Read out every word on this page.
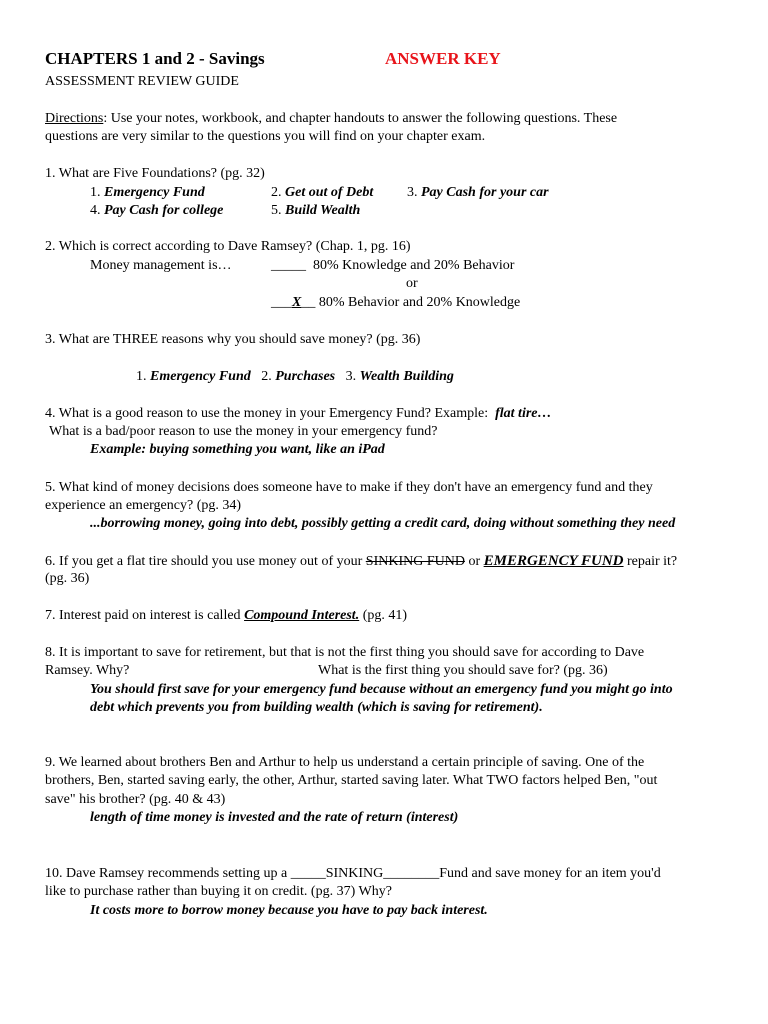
CHAPTERS 1 and 2 - Savings	ANSWER KEY
ASSESSMENT REVIEW GUIDE
Directions: Use your notes, workbook, and chapter handouts to answer the following questions. These
questions are very similar to the questions you will find on your chapter exam.
1. What are Five Foundations? (pg. 32)
1. Emergency Fund	2. Get out of Debt 3. Pay Cash for your car
4. Pay Cash for college	5. Build Wealth
2. Which is correct according to Dave Ramsey? (Chap. 1, pg. 16)
Money management is…	_____ 80% Knowledge and 20% Behavior
or
___X__ 80% Behavior and 20% Knowledge
3. What are THREE reasons why you should save money? (pg. 36)
1. Emergency Fund 2. Purchases 3. Wealth Building
4. What is a good reason to use the money in your Emergency Fund? Example: flat tire…
What is a bad/poor reason to use the money in your emergency fund?
Example: buying something you want, like an iPad
5. What kind of money decisions does someone have to make if they don't have an emergency fund and they
experience an emergency? (pg. 34)
...borrowing money, going into debt, possibly getting a credit card, doing without something they need
6. If you get a flat tire should you use money out of your SINKING FUND or EMERGENCY FUND repair it?
(pg. 36)
7. Interest paid on interest is called Compound Interest. (pg. 41)
8. It is important to save for retirement, but that is not the first thing you should save for according to Dave
Ramsey. Why?	What is the first thing you should save for? (pg. 36)
You should first save for your emergency fund because without an emergency fund you might go into
debt which prevents you from building wealth (which is saving for retirement).
9. We learned about brothers Ben and Arthur to help us understand a certain principle of saving. One of the
brothers, Ben, started saving early, the other, Arthur, started saving later. What TWO factors helped Ben, "out
save" his brother? (pg. 40 & 43)
length of time money is invested and the rate of return (interest)
10. Dave Ramsey recommends setting up a _____SINKING________Fund and save money for an item you'd
like to purchase rather than buying it on credit. (pg. 37) Why?
It costs more to borrow money because you have to pay back interest.
